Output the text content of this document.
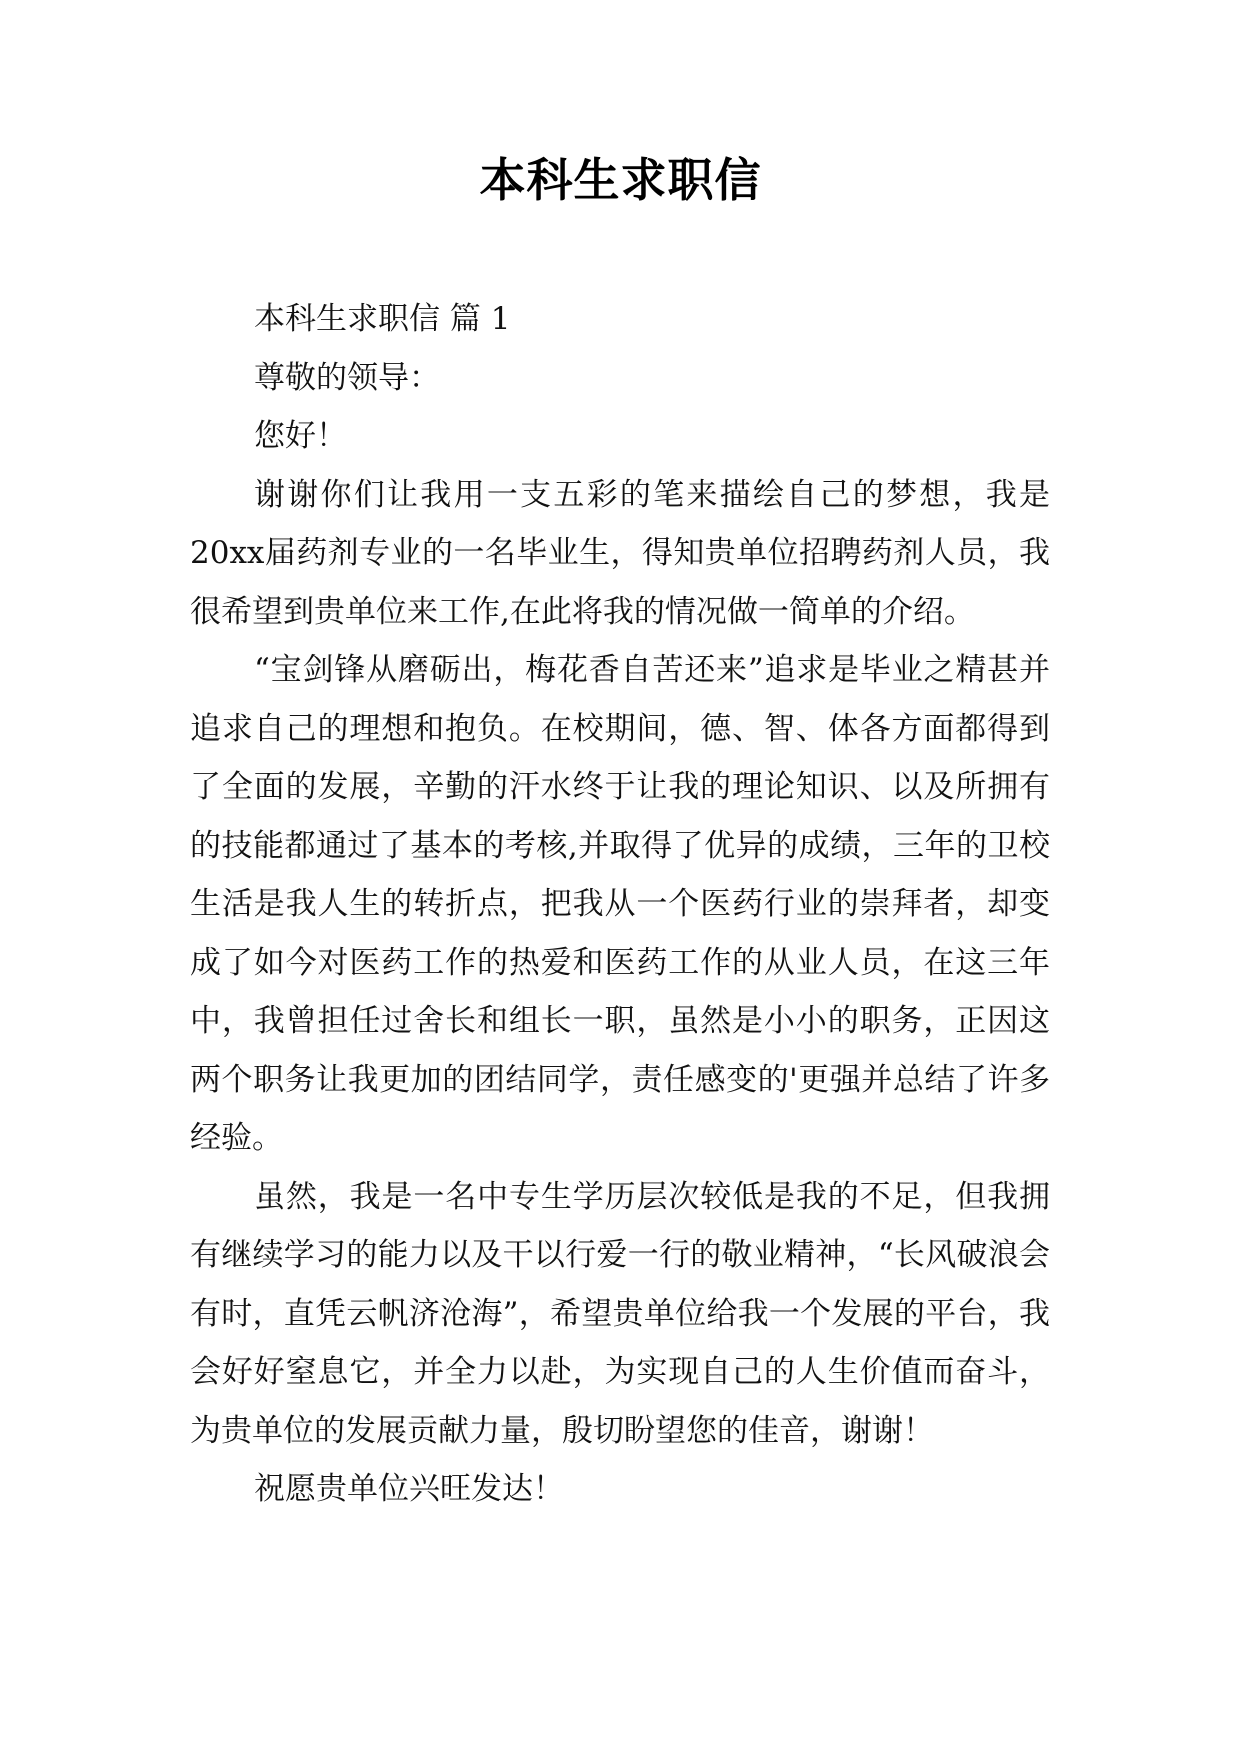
本科生求职信

本科生求职信 篇 1

尊敬的领导：

您好！

谢谢你们让我用一支五彩的笔来描绘自己的梦想，我是20xx届药剂专业的一名毕业生，得知贵单位招聘药剂人员，我很希望到贵单位来工作,在此将我的情况做一简单的介绍。

“宝剑锋从磨砺出，梅花香自苦还来”追求是毕业之精甚并追求自己的理想和抱负。在校期间，德、智、体各方面都得到了全面的发展，辛勤的汗水终于让我的理论知识、以及所拥有的技能都通过了基本的考核,并取得了优异的成绩，三年的卫校生活是我人生的转折点，把我从一个医药行业的崇拜者，却变成了如今对医药工作的热爱和医药工作的从业人员，在这三年中，我曾担任过舍长和组长一职，虽然是小小的职务，正因这两个职务让我更加的团结同学，责任感变的'更强并总结了许多经验。

虽然，我是一名中专生学历层次较低是我的不足，但我拥有继续学习的能力以及干以行爱一行的敬业精神，“长风破浪会有时，直凭云帆济沧海”，希望贵单位给我一个发展的平台，我会好好窒息它，并全力以赴，为实现自己的人生价值而奋斗，为贵单位的发展贡献力量，殷切盼望您的佳音，谢谢！

祝愿贵单位兴旺发达！
